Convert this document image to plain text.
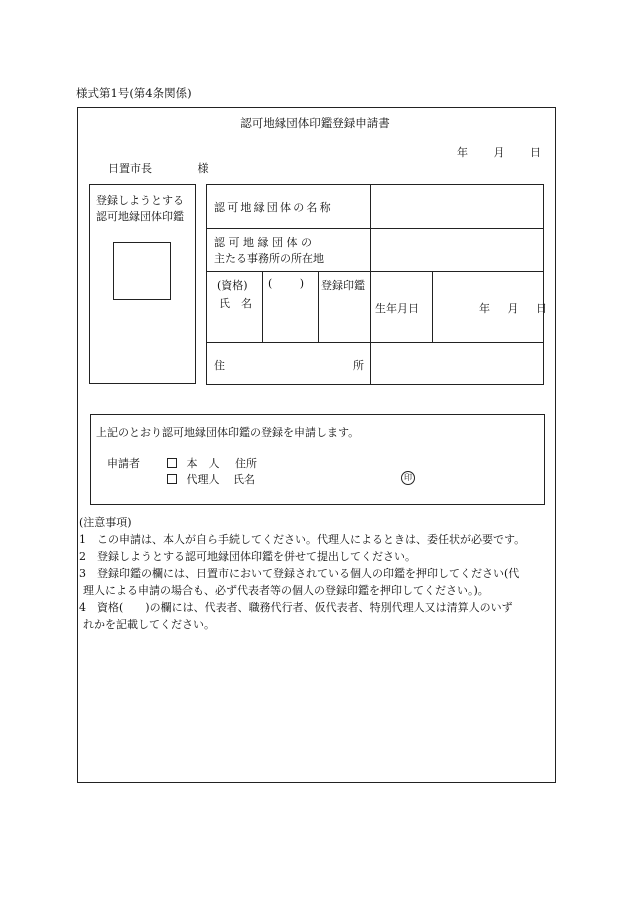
様式第1号(第4条関係)
認可地縁団体印鑑登録申請書
年 月 日
日置市長	様
登録しようとする
認可地縁団体印鑑
認可地縁団体の名称
認 可 地 縁 団 体 の
主たる事務所の所在地
(資格)
氏　名
(	) 登録印鑑
生年月日	年 月 日
住	所
上記のとおり認可地縁団体印鑑の登録を申請します。
申請者	本　人 住所
代理人 氏名	印
(注意事項)
1　この申請は、本人が自ら手続してください。代理人によるときは、委任状が必要です。
2　登録しようとする認可地縁団体印鑑を併せて提出してください。
3　登録印鑑の欄には、日置市において登録されている個人の印鑑を押印してください(代
理人による申請の場合も、必ず代表者等の個人の登録印鑑を押印してください。)。
4　資格(　　)の欄には、代表者、職務代行者、仮代表者、特別代理人又は清算人のいず
れかを記載してください。
